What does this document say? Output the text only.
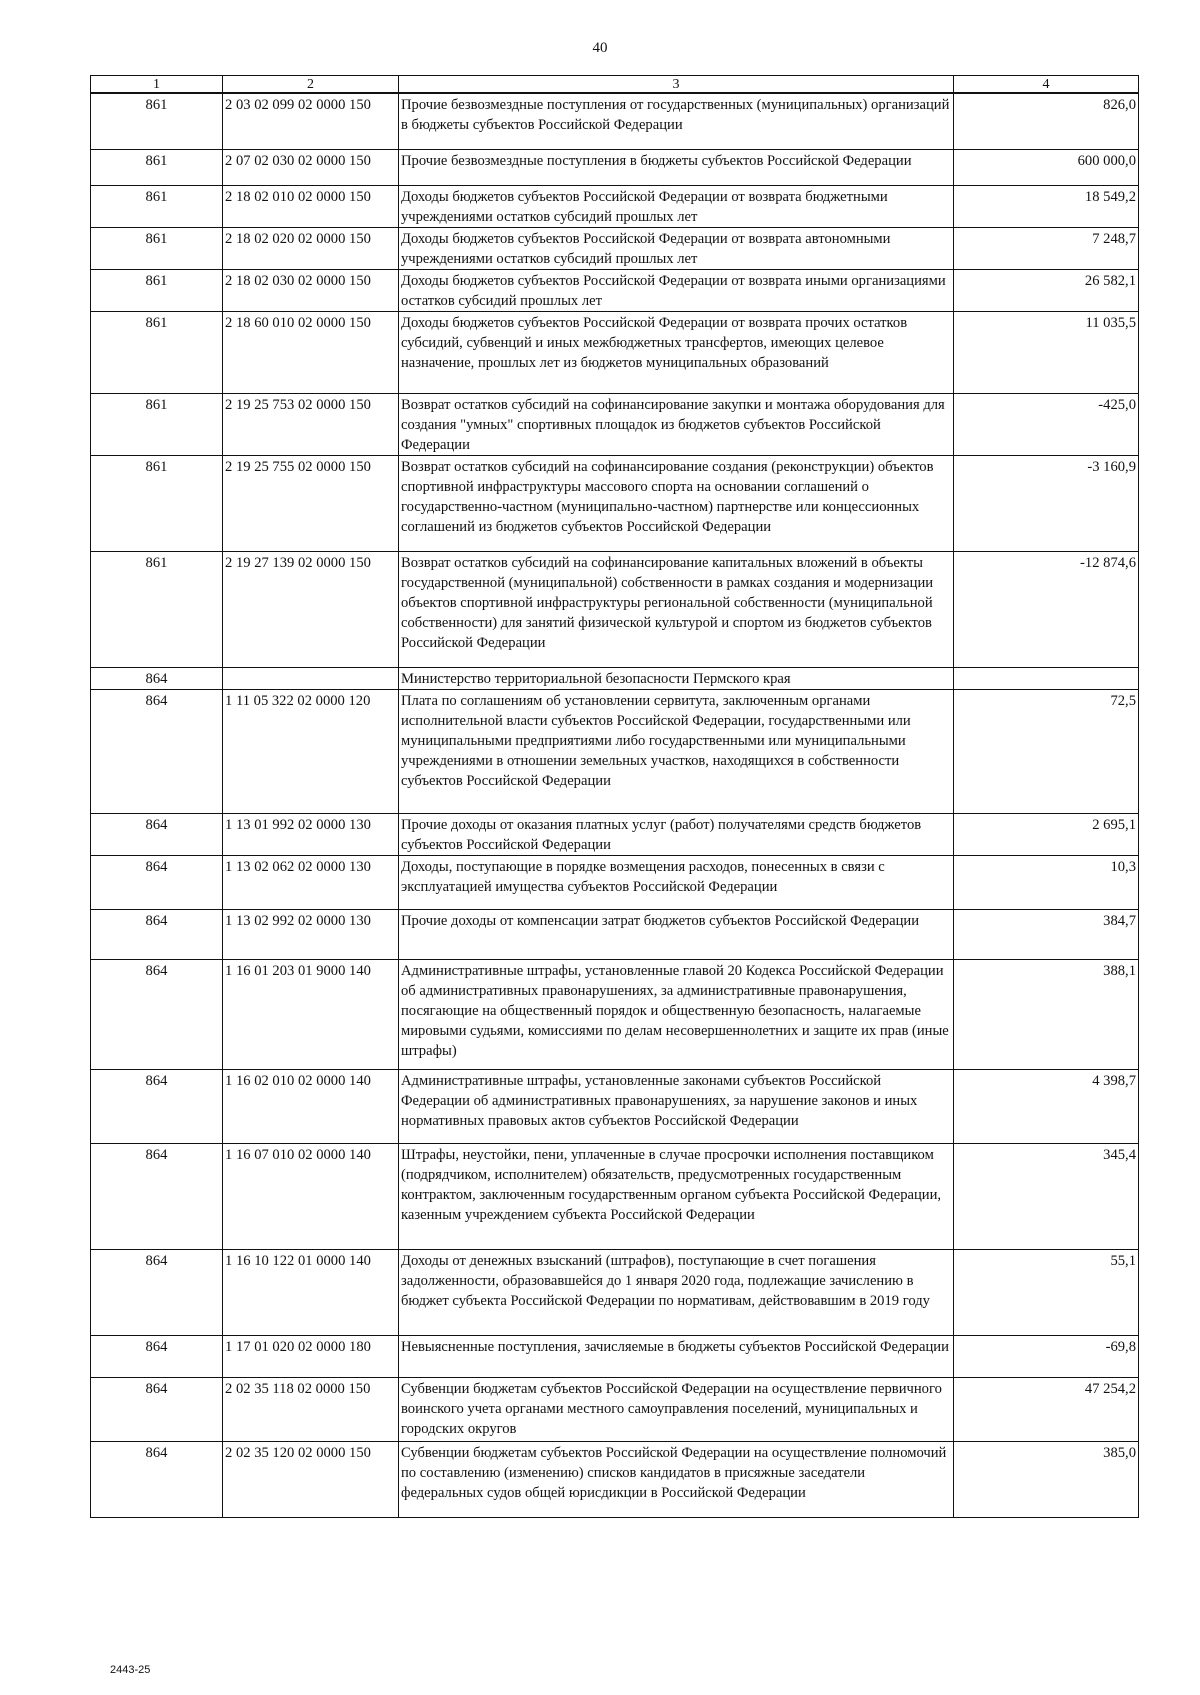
40
1	2	3	4
861	2 03 02 099 02 0000 150	Прочие безвозмездные поступления от государственных (муниципальных) организаций в бюджеты субъектов Российской Федерации	826,0
861	2 07 02 030 02 0000 150	Прочие безвозмездные поступления в бюджеты субъектов Российской Федерации	600 000,0
861	2 18 02 010 02 0000 150	Доходы бюджетов субъектов Российской Федерации от возврата бюджетными учреждениями остатков субсидий прошлых лет	18 549,2
861	2 18 02 020 02 0000 150	Доходы бюджетов субъектов Российской Федерации от возврата автономными учреждениями остатков субсидий прошлых лет	7 248,7
861	2 18 02 030 02 0000 150	Доходы бюджетов субъектов Российской Федерации от возврата иными организациями остатков субсидий прошлых лет	26 582,1
861	2 18 60 010 02 0000 150	Доходы бюджетов субъектов Российской Федерации от возврата прочих остатков субсидий, субвенций и иных межбюджетных трансфертов, имеющих целевое назначение, прошлых лет из бюджетов муниципальных образований	11 035,5
861	2 19 25 753 02 0000 150	Возврат остатков субсидий на софинансирование закупки и монтажа оборудования для создания "умных" спортивных площадок из бюджетов субъектов Российской Федерации	-425,0
861	2 19 25 755 02 0000 150	Возврат остатков субсидий на софинансирование создания (реконструкции) объектов спортивной инфраструктуры массового спорта на основании соглашений о государственно-частном (муниципально-частном) партнерстве или концессионных соглашений из бюджетов субъектов Российской Федерации	-3 160,9
861	2 19 27 139 02 0000 150	Возврат остатков субсидий на софинансирование капитальных вложений в объекты государственной (муниципальной) собственности в рамках создания и модернизации объектов спортивной инфраструктуры региональной собственности (муниципальной собственности) для занятий физической культурой и спортом из бюджетов субъектов Российской Федерации	-12 874,6
864		Министерство территориальной безопасности Пермского края	
864	1 11 05 322 02 0000 120	Плата по соглашениям об установлении сервитута, заключенным органами исполнительной власти субъектов Российской Федерации, государственными или муниципальными предприятиями либо государственными или муниципальными учреждениями в отношении земельных участков, находящихся в собственности субъектов Российской Федерации	72,5
864	1 13 01 992 02 0000 130	Прочие доходы от оказания платных услуг (работ) получателями средств бюджетов субъектов Российской Федерации	2 695,1
864	1 13 02 062 02 0000 130	Доходы, поступающие в порядке возмещения расходов, понесенных в связи с эксплуатацией имущества субъектов Российской Федерации	10,3
864	1 13 02 992 02 0000 130	Прочие доходы от компенсации затрат бюджетов субъектов Российской Федерации	384,7
864	1 16 01 203 01 9000 140	Административные штрафы, установленные главой 20 Кодекса Российской Федерации об административных правонарушениях, за административные правонарушения, посягающие на общественный порядок и общественную безопасность, налагаемые мировыми судьями, комиссиями по делам несовершеннолетних и защите их прав (иные штрафы)	388,1
864	1 16 02 010 02 0000 140	Административные штрафы, установленные законами субъектов Российской Федерации об административных правонарушениях, за нарушение законов и иных нормативных правовых актов субъектов Российской Федерации	4 398,7
864	1 16 07 010 02 0000 140	Штрафы, неустойки, пени, уплаченные в случае просрочки исполнения поставщиком (подрядчиком, исполнителем) обязательств, предусмотренных государственным контрактом, заключенным государственным органом субъекта Российской Федерации, казенным учреждением субъекта Российской Федерации	345,4
864	1 16 10 122 01 0000 140	Доходы от денежных взысканий (штрафов), поступающие в счет погашения задолженности, образовавшейся до 1 января 2020 года, подлежащие зачислению в бюджет субъекта Российской Федерации по нормативам, действовавшим в 2019 году	55,1
864	1 17 01 020 02 0000 180	Невыясненные поступления, зачисляемые в бюджеты субъектов Российской Федерации	-69,8
864	2 02 35 118 02 0000 150	Субвенции бюджетам субъектов Российской Федерации на осуществление первичного воинского учета органами местного самоуправления поселений, муниципальных и городских округов	47 254,2
864	2 02 35 120 02 0000 150	Субвенции бюджетам субъектов Российской Федерации на осуществление полномочий по составлению (изменению) списков кандидатов в присяжные заседатели федеральных судов общей юрисдикции в Российской Федерации	385,0
2443-25
